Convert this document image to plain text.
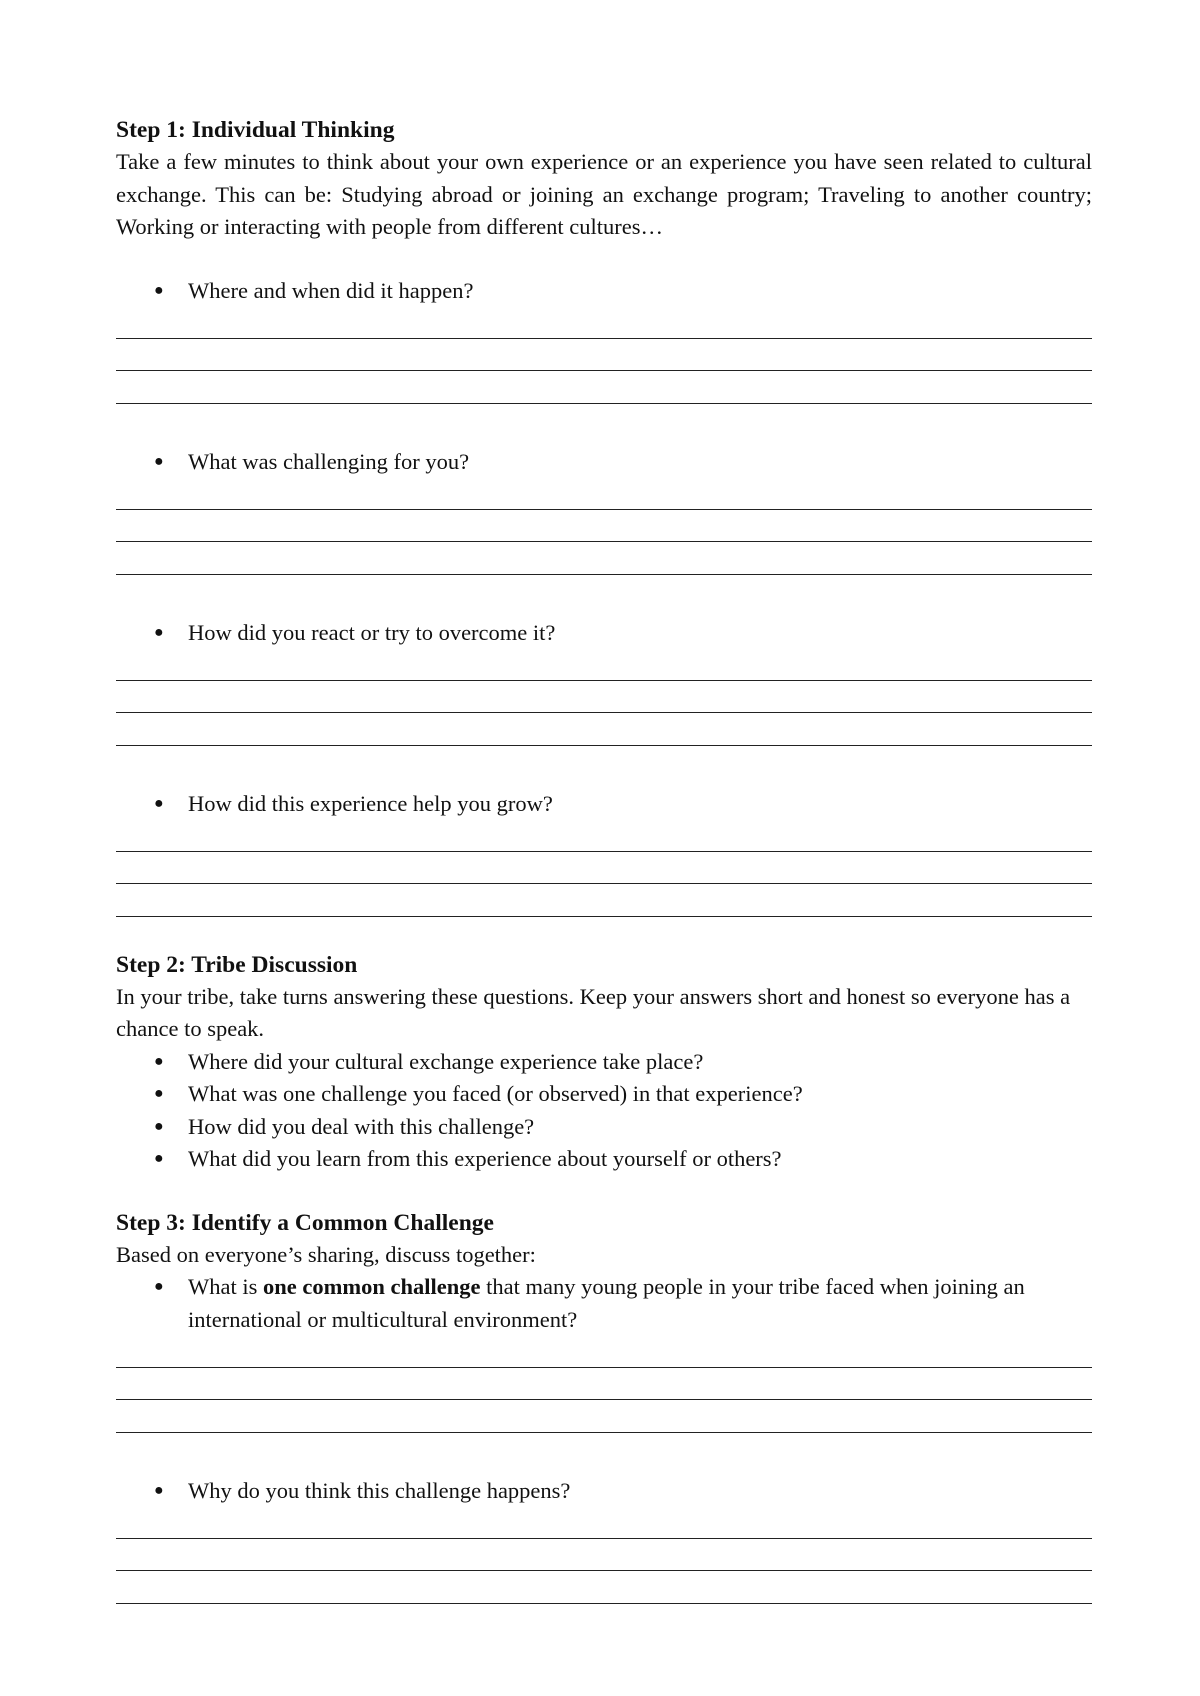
Step 1: Individual Thinking

Take a few minutes to think about your own experience or an experience you have seen related to cultural exchange. This can be: Studying abroad or joining an exchange program; Traveling to another country; Working or interacting with people from different cultures…

● Where and when did it happen?
● What was challenging for you?
● How did you react or try to overcome it?
● How did this experience help you grow?
Step 2: Tribe Discussion

In your tribe, take turns answering these questions. Keep your answers short and honest so everyone has a chance to speak.

● Where did your cultural exchange experience take place?
● What was one challenge you faced (or observed) in that experience?
● How did you deal with this challenge?
● What did you learn from this experience about yourself or others?
Step 3: Identify a Common Challenge

Based on everyone’s sharing, discuss together:

● What is one common challenge that many young people in your tribe faced when joining an international or multicultural environment?
● Why do you think this challenge happens?
